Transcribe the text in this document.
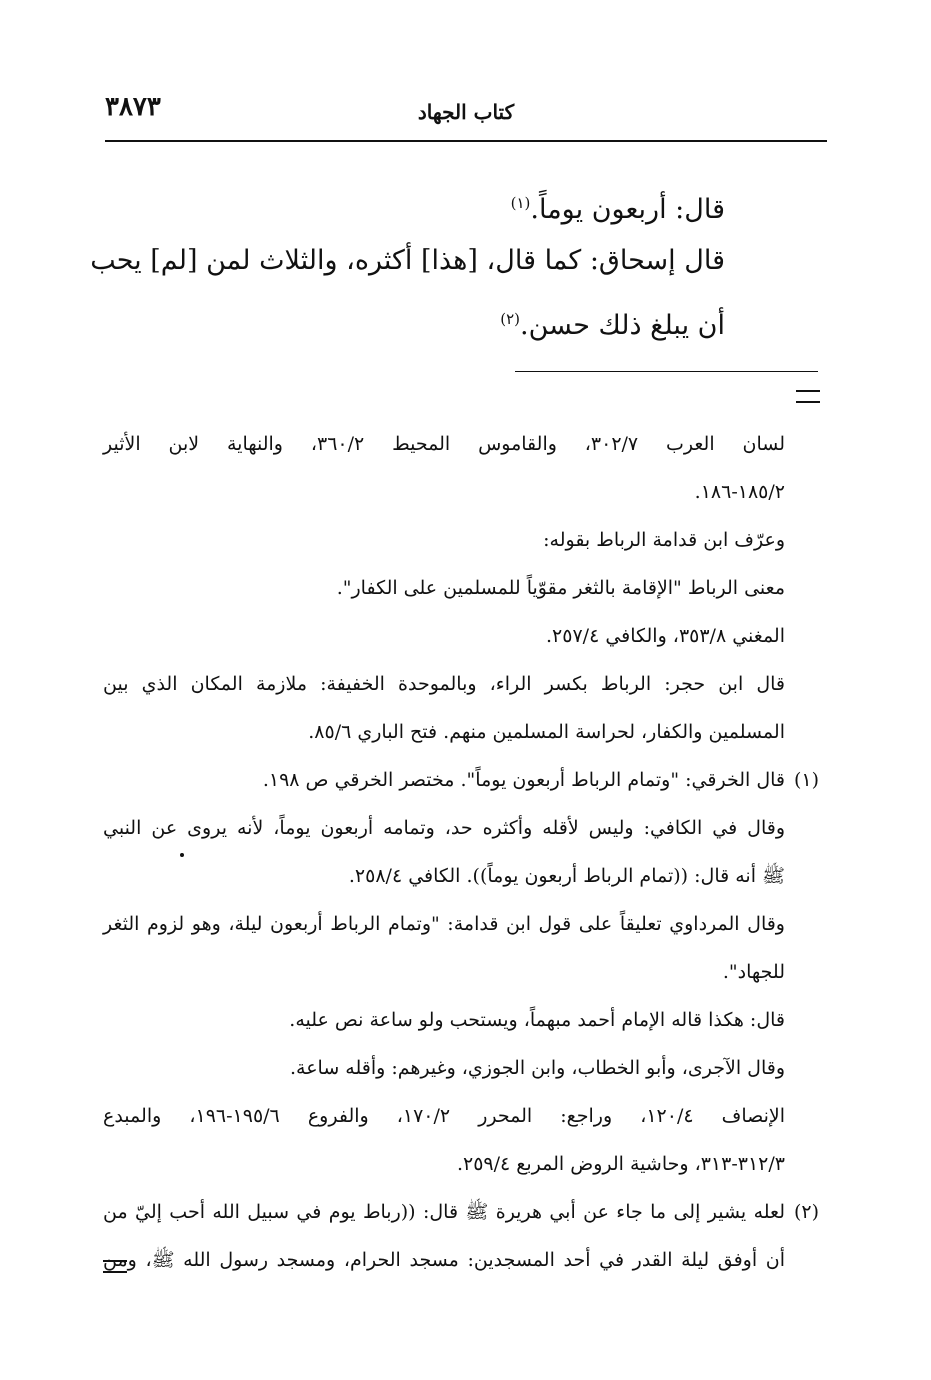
٣٨٧٣	كتاب الجهاد
قال: أربعون يوماً.$^{(١)}$
قال إسحاق: كما قال، [هذا] أكثره، والثلاث لمن [لم] يحب
أن يبلغ ذلك حسن.$^{(٢)}$
لسان العرب ٣٠٢/٧، والقاموس المحيط ٣٦٠/٢، والنهاية لابن الأثير
١٨٥/٢-١٨٦.
وعرّف ابن قدامة الرباط بقوله:
معنى الرباط "الإقامة بالثغر مقوّياً للمسلمين على الكفار".
المغني ٣٥٣/٨، والكافي ٢٥٧/٤.
قال ابن حجر: الرباط بكسر الراء، وبالموحدة الخفيفة: ملازمة المكان الذي بين
المسلمين والكفار، لحراسة المسلمين منهم. فتح الباري ٨٥/٦.
(١)
قال الخرقي: "وتمام الرباط أربعون يوماً". مختصر الخرقي ص ١٩٨.
وقال في الكافي: وليس لأقله وأكثره حد، وتمامه أربعون يوماً، لأنه يروى عن النبي
ﷺ أنه قال: ((تمام الرباط أربعون يوماً)). الكافي ٢٥٨/٤.
وقال المرداوي تعليقاً على قول ابن قدامة: "وتمام الرباط أربعون ليلة، وهو لزوم الثغر
للجهاد".
قال: هكذا قاله الإمام أحمد مبهماً، ويستحب ولو ساعة نص عليه.
وقال الآجرى، وأبو الخطاب، وابن الجوزي، وغيرهم: وأقله ساعة.
الإنصاف ١٢٠/٤، وراجع: المحرر ١٧٠/٢، والفروع ١٩٥/٦-١٩٦، والمبدع
٣١٢/٣-٣١٣، وحاشية الروض المربع ٢٥٩/٤.
(٢)
لعله يشير إلى ما جاء عن أبي هريرة ﷺ قال: ((رباط يوم في سبيل الله أحب إليّ من
أن أوفق ليلة القدر في أحد المسجدين: مسجد الحرام، ومسجد رسول الله ﷺ، ومن
